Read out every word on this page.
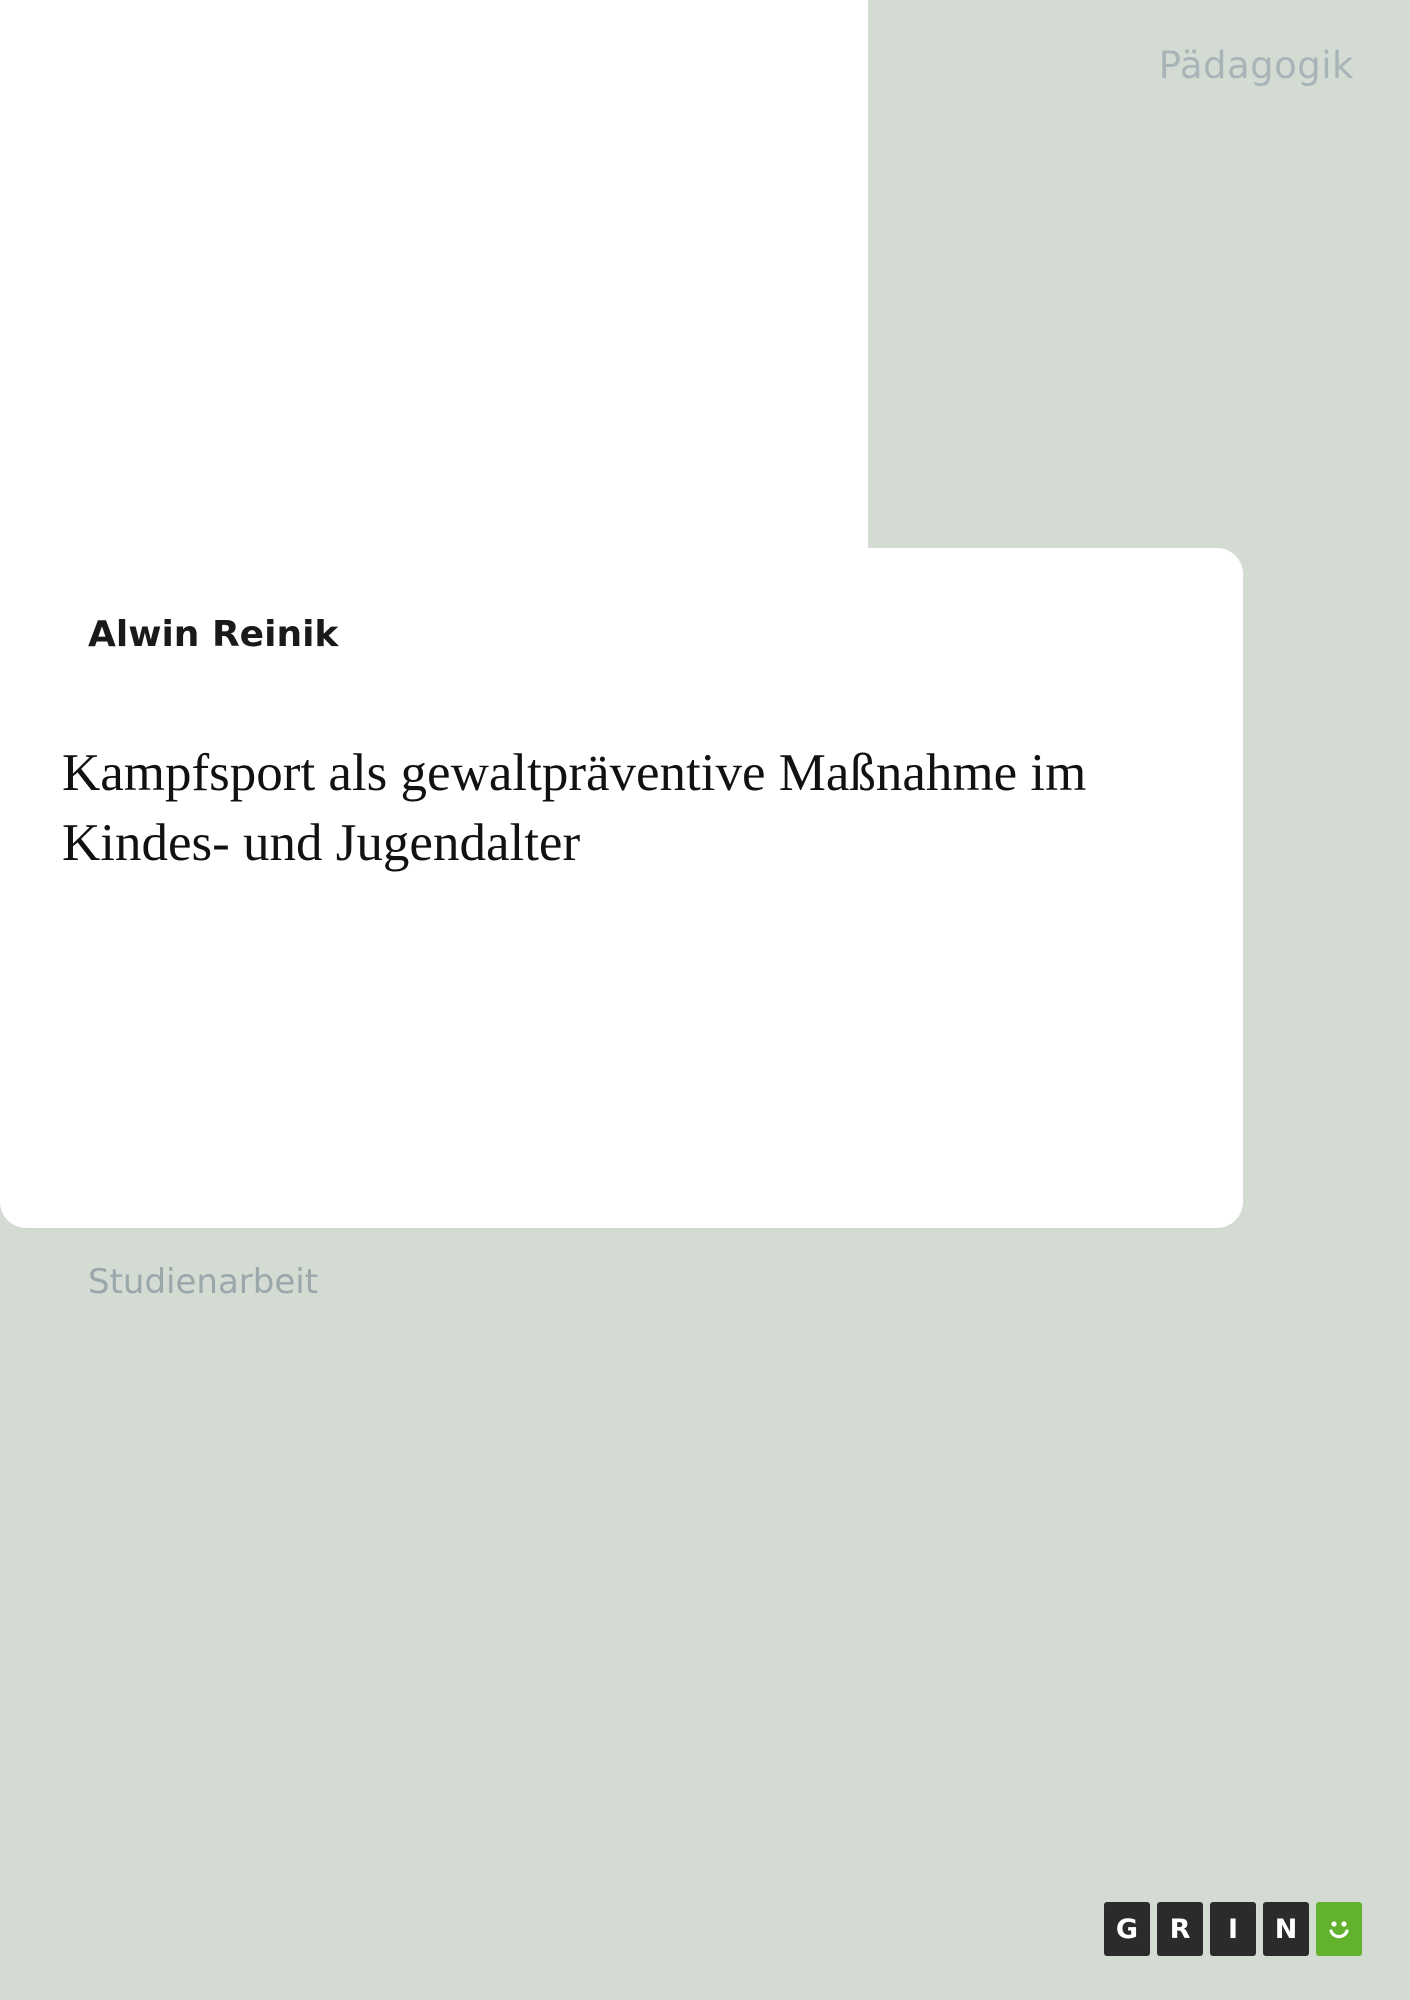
Pädagogik
Alwin Reinik
Kampfsport als gewaltpräventive Maßnahme im Kindes- und Jugendalter
Studienarbeit
G	R	I	N
